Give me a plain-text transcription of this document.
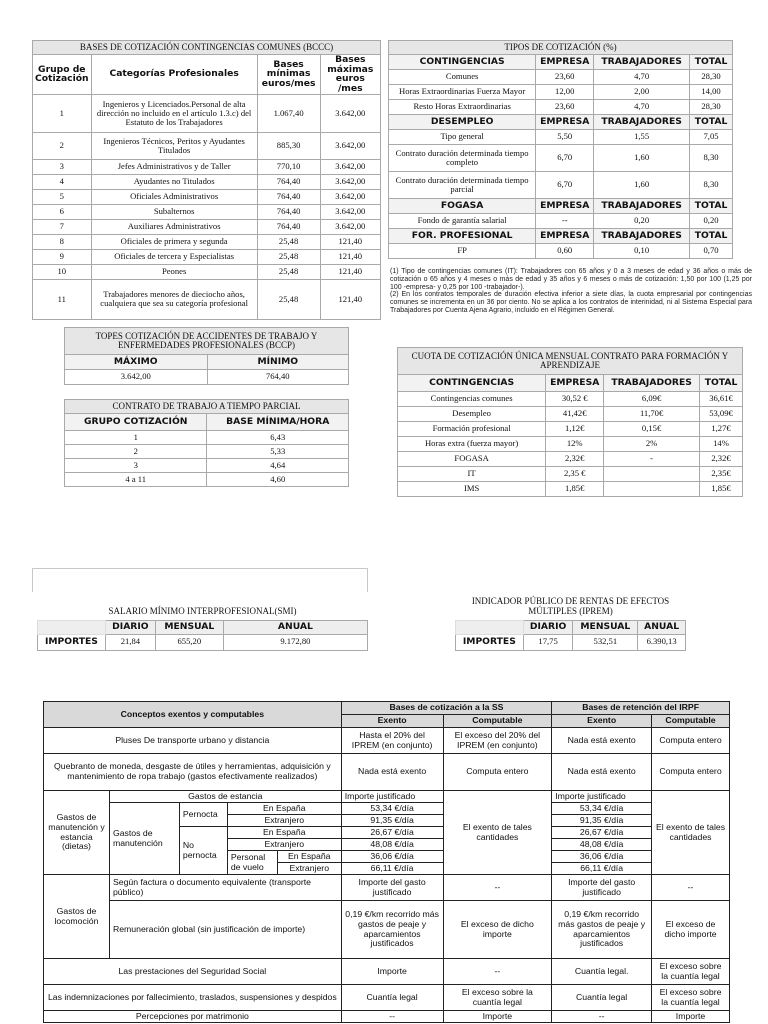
BASES DE COTIZACIÓN CONTINGENCIAS COMUNES (BCCC)			
Grupo de Cotización	Categorías Profesionales	Bases mínimas euros/mes	Bases máximas euros /mes
1	Ingenieros y Licenciados.Personal de alta dirección no incluido en el artículo 1.3.c) del Estatuto de los Trabajadores	1.067,40	3.642,00
2	Ingenieros Técnicos, Peritos y Ayudantes Titulados	885,30	3.642,00
3	Jefes Administrativos y de Taller	770,10	3.642,00
4	Ayudantes no Titulados	764,40	3.642,00
5	Oficiales Administrativos	764,40	3.642,00
6	Subalternos	764,40	3.642,00
7	Auxiliares Administrativos	764,40	3.642,00
8	Oficiales de primera y segunda	25,48	121,40
9	Oficiales de tercera y Especialistas	25,48	121,40
10	Peones	25,48	121,40
11	Trabajadores menores de dieciocho años, cualquiera que sea su categoría profesional	25,48	121,40
TIPOS DE COTIZACIÓN (%)			
CONTINGENCIAS	EMPRESA	TRABAJADORES	TOTAL
Comunes	23,60	4,70	28,30
Horas Extraordinarias Fuerza Mayor	12,00	2,00	14,00
Resto Horas Extraordinarias	23,60	4,70	28,30
DESEMPLEO	EMPRESA	TRABAJADORES	TOTAL
Tipo general	5,50	1,55	7,05
Contrato duración determinada tiempo completo	6,70	1,60	8,30
Contrato duración determinada tiempo parcial	6,70	1,60	8,30
FOGASA	EMPRESA	TRABAJADORES	TOTAL
Fondo de garantía salarial	--	0,20	0,20
FOR. PROFESIONAL	EMPRESA	TRABAJADORES	TOTAL
FP	0,60	0,10	0,70

(1) Tipo de contingencias comunes (IT): Trabajadores con 65 años y 0 a 3 meses de edad y 36 años o más de cotización o 65 años y 4 meses o más de edad y 35 años y 6 meses o más de cotización: 1,50 por 100 (1,25 por 100 -empresa- y 0,25 por 100 -trabajador-).

(2) En los contratos temporales de duración efectiva inferior a siete días, la cuota empresarial por contingencias comunes se incrementa en un 36 por ciento. No se aplica a los contratos de interinidad, ni al Sistema Especial para Trabajadores por Cuenta Ajena Agrario, incluido en el Régimen General.

TOPES COTIZACIÓN DE ACCIDENTES DE TRABAJO Y ENFERMEDADES PROFESIONALES (BCCP)	
MÁXIMO	MÍNIMO
3.642,00	764,40
CONTRATO DE TRABAJO A TIEMPO PARCIAL	
GRUPO COTIZACIÓN	BASE MÍNIMA/HORA
1	6,43
2	5,33
3	4,64
4 a 11	4,60
CUOTA DE COTIZACIÓN ÚNICA MENSUAL CONTRATO PARA FORMACIÓN Y APRENDIZAJE			
CONTINGENCIAS	EMPRESA	TRABAJADORES	TOTAL
Contingencias comunes	30,52 €	6,09€	36,61€
Desempleo	41,42€	11,70€	53,09€
Formación profesional	1,12€	0,15€	1,27€
Horas extra (fuerza mayor)	12%	2%	14%
FOGASA	2,32€	-	2,32€
IT	2,35 €		2,35€
IMS	1,85€		1,85€
SALARIO MÍNIMO INTERPROFESIONAL(SMI)			
	DIARIO	MENSUAL	ANUAL
IMPORTES	21,84	655,20	9.172,80
INDICADOR PÚBLICO DE RENTAS DE EFECTOS MÚLTIPLES (IPREM)			
	DIARIO	MENSUAL	ANUAL
IMPORTES	17,75	532,51	6.390,13
Conceptos exentos y computables					Bases de cotización a la SS		Bases de retención del IRPF	
					Exento	Computable	Exento	Computable
Pluses De transporte urbano y distancia					Hasta el 20% del IPREM (en conjunto)	El exceso del 20% del IPREM (en conjunto)	Nada está exento	Computa entero
Quebranto de moneda, desgaste de útiles y herramientas, adquisición y mantenimiento de ropa trabajo (gastos efectivamente realizados)					Nada está exento	Computa entero	Nada está exento	Computa entero
Gastos de manutención y estancia (dietas)	Gastos de estancia				Importe justificado	El exento de tales cantidades	Importe justificado	El exento de tales cantidades
	Gastos de manutención	Pernocta	En España		53,34 €/día		53,34 €/día	
			Extranjero		91,35 €/día		91,35 €/día	
		No pernocta	En España		26,67 €/día		26,67 €/día	
			Extranjero		48,08 €/día		48,08 €/día	
			Personal de vuelo	En España	36,06 €/día		36,06 €/día	
				Extranjero	66,11 €/día		66,11 €/día	
Gastos de locomoción	Según factura o documento equivalente (transporte público)				Importe del gasto justificado	--	Importe del gasto justificado	--
	Remuneración global (sin justificación de importe)				0,19 €/km recorrido más gastos de peaje y aparcamientos justificados	El exceso de dicho importe	0,19 €/km recorrido más gastos de peaje y aparcamientos justificados	El exceso de dicho importe
Las prestaciones del Seguridad Social					Importe	--	Cuantía legal.	El exceso sobre la cuantía legal
Las indemnizaciones por fallecimiento, traslados, suspensiones y despidos					Cuantía legal	El exceso sobre la cuantía legal	Cuantía legal	El exceso sobre la cuantía legal
Percepciones por matrimonio					--	Importe	--	Importe
